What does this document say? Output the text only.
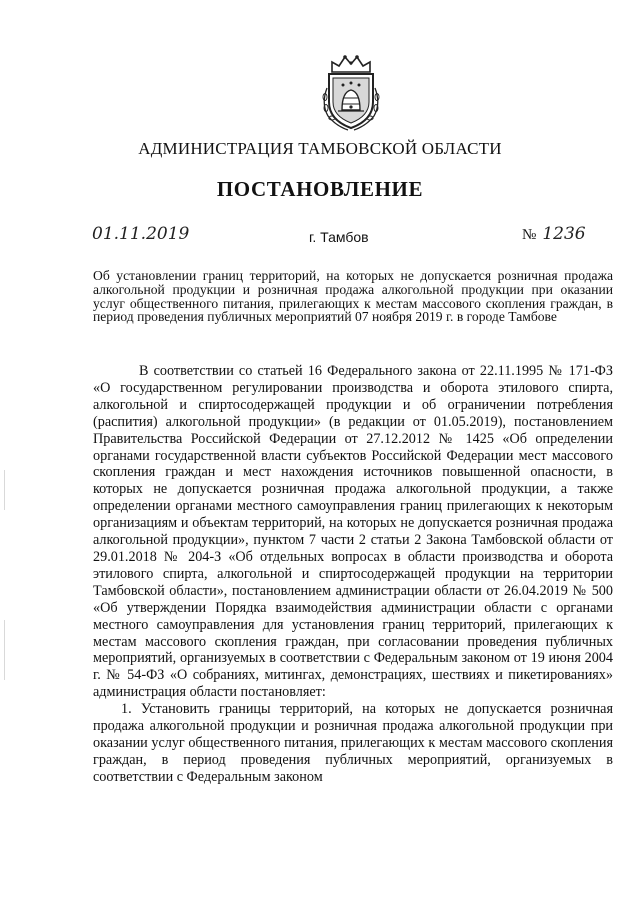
АДМИНИСТРАЦИЯ ТАМБОВСКОЙ ОБЛАСТИ
ПОСТАНОВЛЕНИЕ
01.11.2019	г. Тамбов	№ 1236

Об установлении границ территорий, на которых не допускается розничная продажа алкогольной продукции и розничная продажа алкогольной продукции при оказании услуг общественного питания, прилегающих к местам массового скопления граждан, в период проведения публичных мероприятий 07 ноября 2019 г. в городе Тамбове

В соответствии со статьей 16 Федерального закона от 22.11.1995 № 171-ФЗ «О государственном регулировании производства и оборота этилового спирта, алкогольной и спиртосодержащей продукции и об ограничении потребления (распития) алкогольной продукции» (в редакции от 01.05.2019), постановлением Правительства Российской Федерации от 27.12.2012 № 1425 «Об определении органами государственной власти субъектов Российской Федерации мест массового скопления граждан и мест нахождения источников повышенной опасности, в которых не допускается розничная продажа алкогольной продукции, а также определении органами местного самоуправления границ прилегающих к некоторым организациям и объектам территорий, на которых не допускается розничная продажа алкогольной продукции», пунктом 7 части 2 статьи 2 Закона Тамбовской области от 29.01.2018 № 204-З «Об отдельных вопросах в области производства и оборота этилового спирта, алкогольной и спиртосодержащей продукции на территории Тамбовской области», постановлением администрации области от 26.04.2019 № 500 «Об утверждении Порядка взаимодействия администрации области с органами местного самоуправления для установления границ территорий, прилегающих к местам массового скопления граждан, при согласовании проведения публичных мероприятий, организуемых в соответствии с Федеральным законом от 19 июня 2004 г. № 54-ФЗ «О собраниях, митингах, демонстрациях, шествиях и пикетированиях» администрация области постановляет:

1. Установить границы территорий, на которых не допускается розничная продажа алкогольной продукции и розничная продажа алкогольной продукции при оказании услуг общественного питания, прилегающих к местам массового скопления граждан, в период проведения публичных мероприятий, организуемых в соответствии с Федеральным законом
